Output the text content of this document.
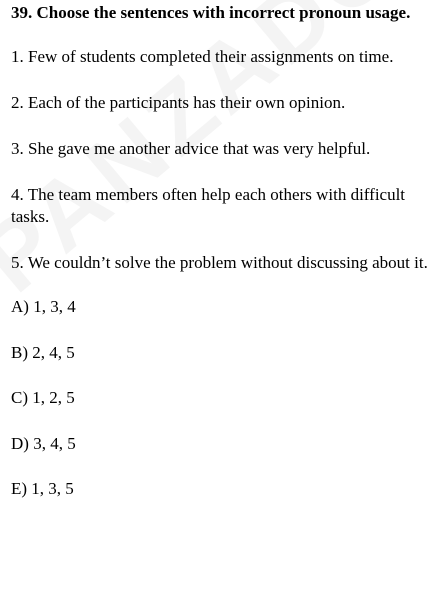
39. Choose the sentences with incorrect pronoun usage.

1. Few of students completed their assignments on time.

2. Each of the participants has their own opinion.

3. She gave me another advice that was very helpful.

4. The team members often help each others with difficult tasks.

5. We couldn’t solve the problem without discussing about it.

A) 1, 3, 4

B) 2, 4, 5

C) 1, 2, 5

D) 3, 4, 5

E) 1, 3, 5
